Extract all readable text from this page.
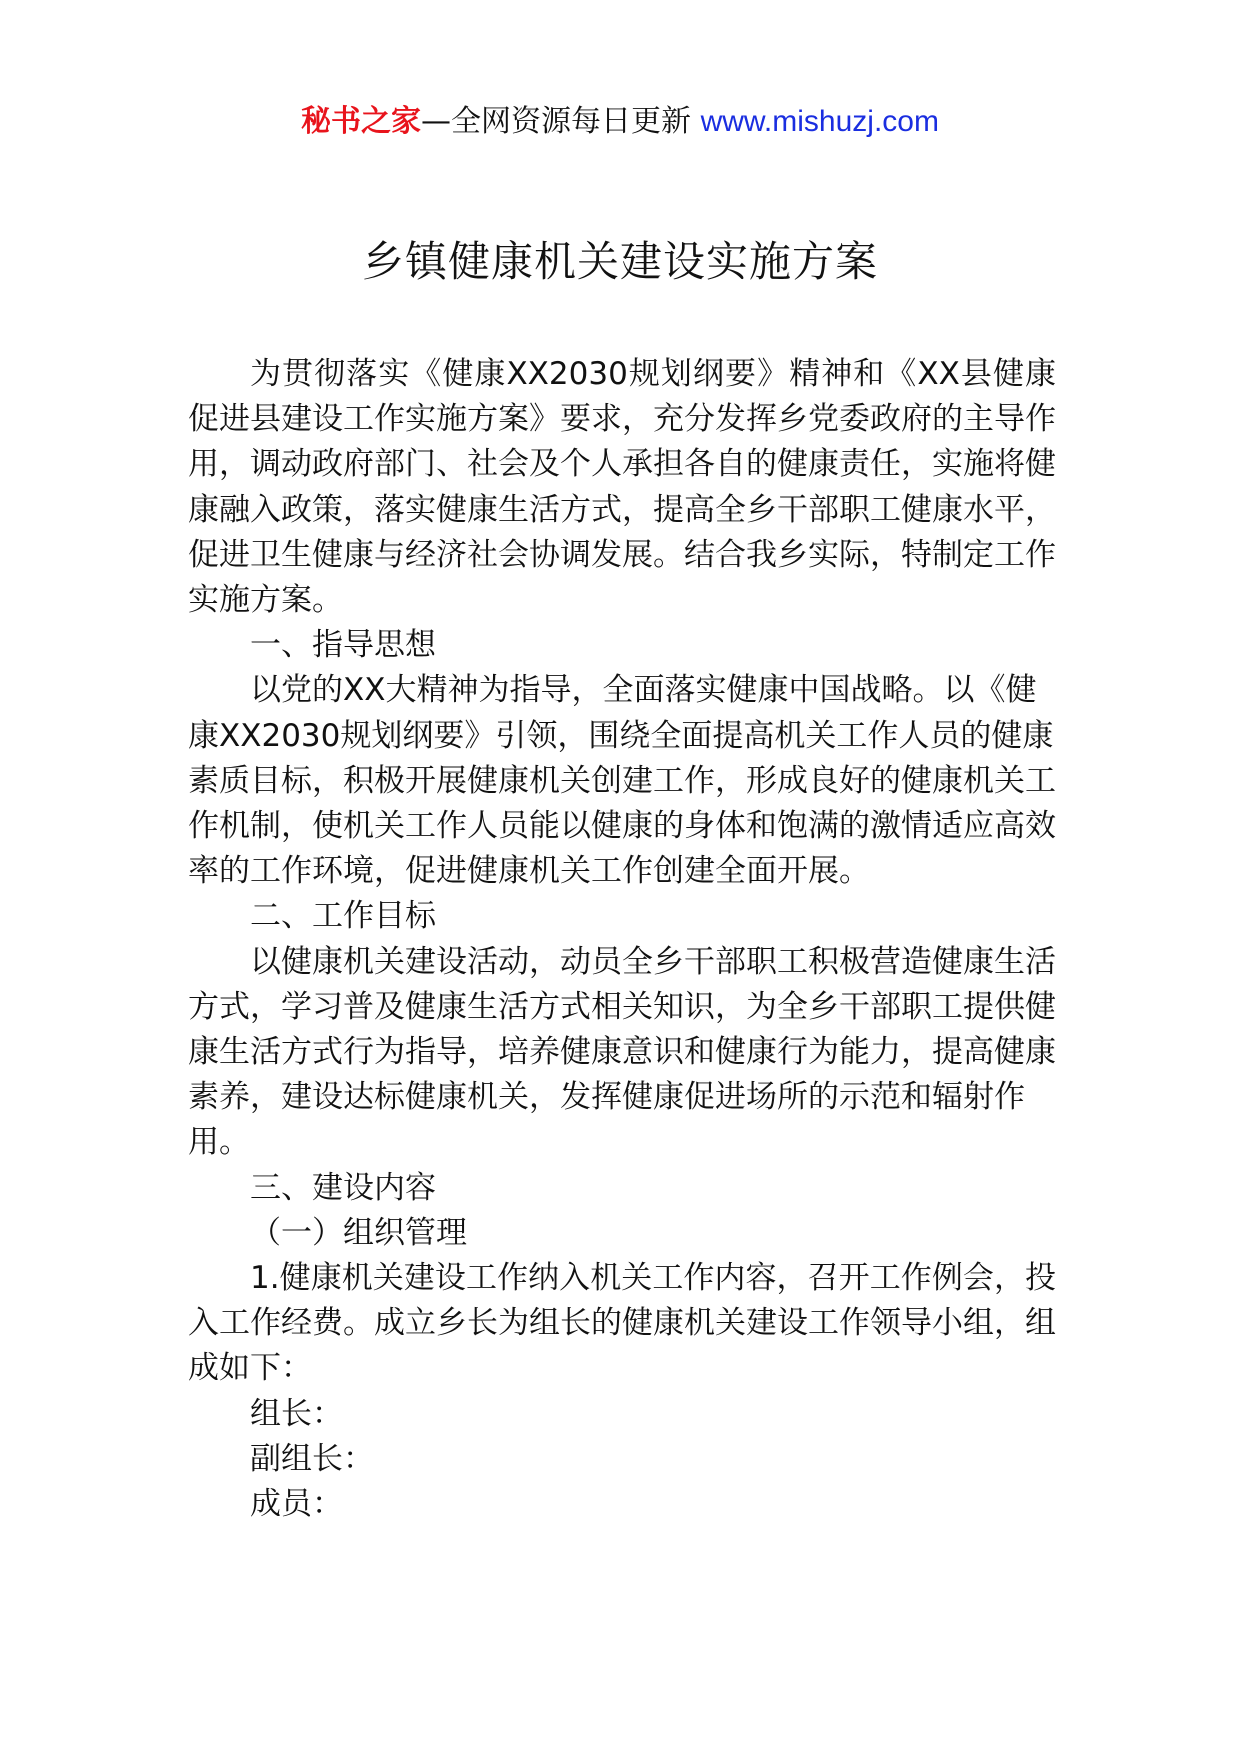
秘书之家—全网资源每日更新 www.mishuzj.com
乡镇健康机关建设实施方案

为贯彻落实《健康XX2030规划纲要》精神和《XX县健康促进县建设工作实施方案》要求，充分发挥乡党委政府的主导作用，调动政府部门、社会及个人承担各自的健康责任，实施将健康融入政策，落实健康生活方式，提高全乡干部职工健康水平，促进卫生健康与经济社会协调发展。结合我乡实际，特制定工作实施方案。

一、指导思想

以党的XX大精神为指导，全面落实健康中国战略。以《健康XX2030规划纲要》引领，围绕全面提高机关工作人员的健康素质目标，积极开展健康机关创建工作，形成良好的健康机关工作机制，使机关工作人员能以健康的身体和饱满的激情适应高效率的工作环境，促进健康机关工作创建全面开展。

二、工作目标

以健康机关建设活动，动员全乡干部职工积极营造健康生活方式，学习普及健康生活方式相关知识，为全乡干部职工提供健康生活方式行为指导，培养健康意识和健康行为能力，提高健康素养，建设达标健康机关，发挥健康促进场所的示范和辐射作用。

三、建设内容

（一）组织管理

1.健康机关建设工作纳入机关工作内容，召开工作例会，投入工作经费。成立乡长为组长的健康机关建设工作领导小组，组成如下：

组长：

副组长：

成员：
